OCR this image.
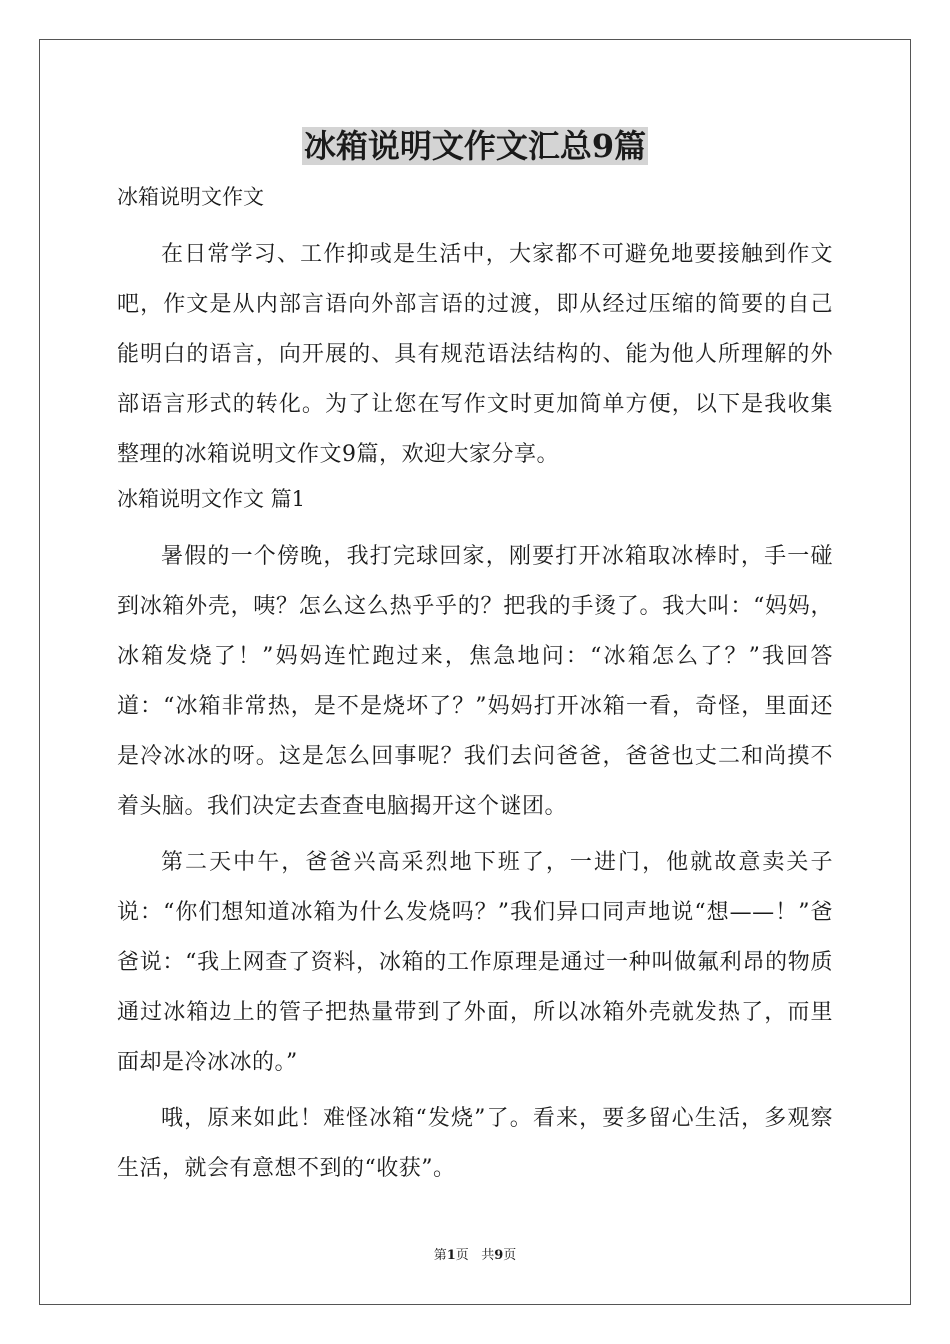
冰箱说明文作文汇总9篇
冰箱说明文作文

在日常学习、工作抑或是生活中，大家都不可避免地要接触到作文吧，作文是从内部言语向外部言语的过渡，即从经过压缩的简要的自己能明白的语言，向开展的、具有规范语法结构的、能为他人所理解的外部语言形式的转化。为了让您在写作文时更加简单方便，以下是我收集整理的冰箱说明文作文9篇，欢迎大家分享。

冰箱说明文作文 篇1

暑假的一个傍晚，我打完球回家，刚要打开冰箱取冰棒时，手一碰到冰箱外壳，咦？怎么这么热乎乎的？把我的手烫了。我大叫：“妈妈，冰箱发烧了！”妈妈连忙跑过来，焦急地问：“冰箱怎么了？”我回答道：“冰箱非常热，是不是烧坏了？”妈妈打开冰箱一看，奇怪，里面还是冷冰冰的呀。这是怎么回事呢？我们去问爸爸，爸爸也丈二和尚摸不着头脑。我们决定去查查电脑揭开这个谜团。

第二天中午，爸爸兴高采烈地下班了，一进门，他就故意卖关子说：“你们想知道冰箱为什么发烧吗？”我们异口同声地说“想——！”爸爸说：“我上网查了资料，冰箱的工作原理是通过一种叫做氟利昂的物质通过冰箱边上的管子把热量带到了外面，所以冰箱外壳就发热了，而里面却是冷冰冰的。”

哦，原来如此！难怪冰箱“发烧”了。看来，要多留心生活，多观察生活，就会有意想不到的“收获”。

第1页   共9页
